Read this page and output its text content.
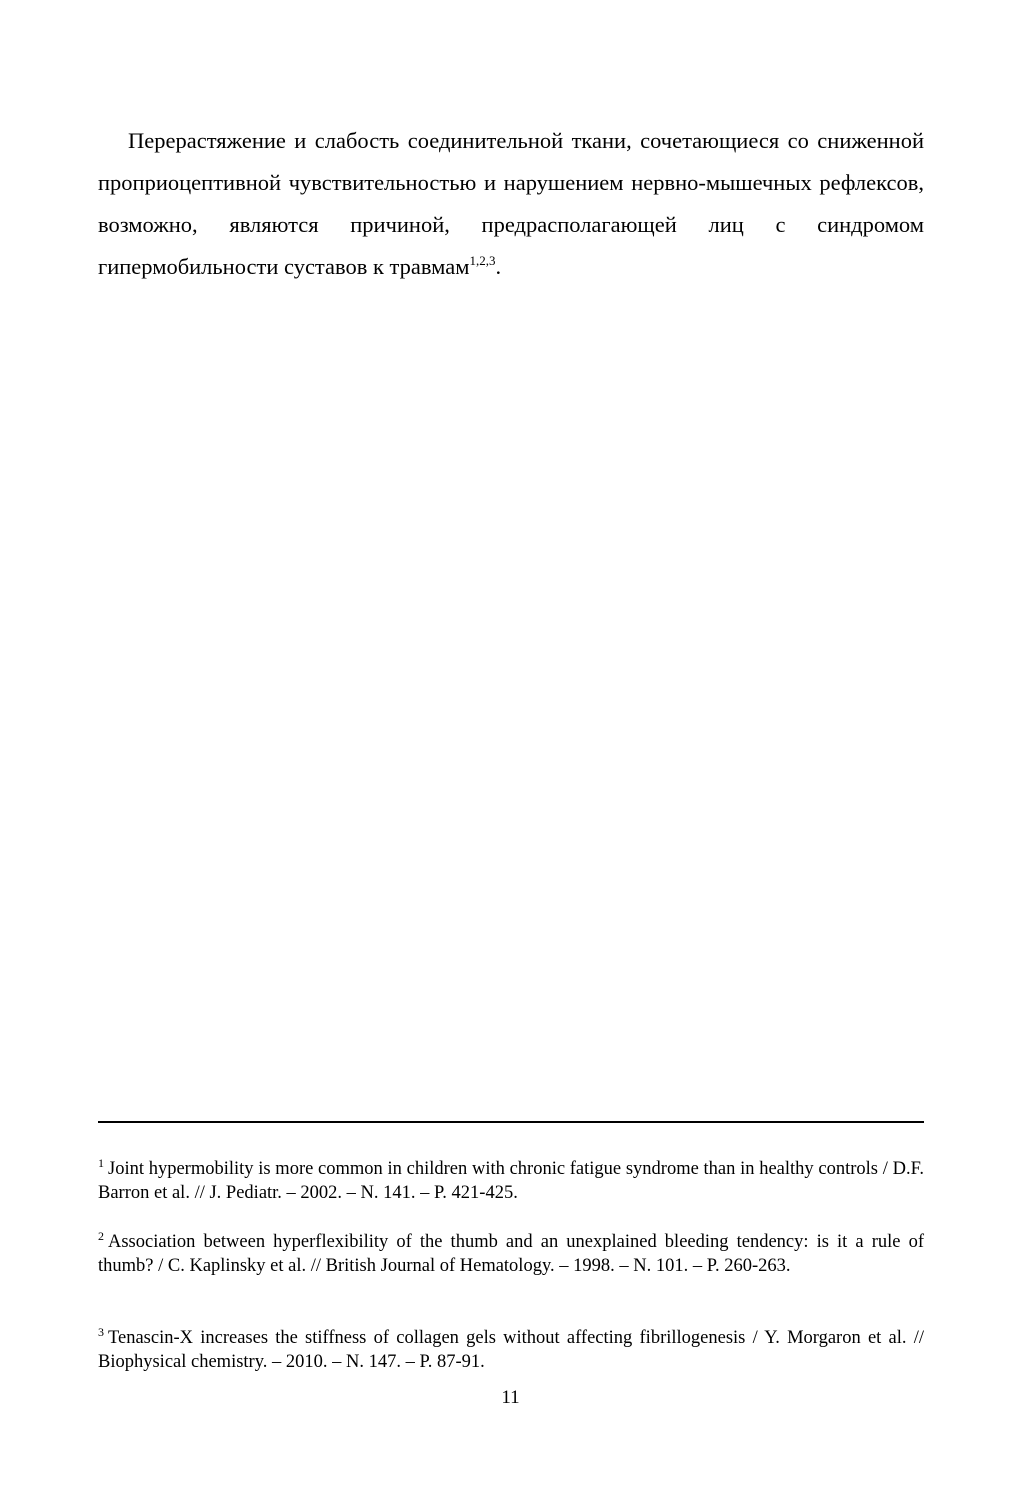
Перерастяжение и слабость соединительной ткани, сочетающиеся со сниженной проприоцептивной чувствительностью и нарушением нервно-мышечных рефлексов, возможно, являются причиной, предрасполагающей лиц с синдромом гипермобильности суставов к травмам$^{1,2,3}$.

$^1$ Joint hypermobility is more common in children with chronic fatigue syndrome than in healthy controls / D.F. Barron et al. // J. Pediatr. – 2002. – N. 141. – P. 421-425.

$^2$ Association between hyperflexibility of the thumb and an unexplained bleeding tendency: is it a rule of thumb? / C. Kaplinsky et al. // British Journal of Hematology. – 1998. – N. 101. – P. 260-263.

$^3$ Tenascin-X increases the stiffness of collagen gels without affecting fibrillogenesis / Y. Morgaron et al. // Biophysical chemistry. – 2010. – N. 147. – P. 87-91.

11
